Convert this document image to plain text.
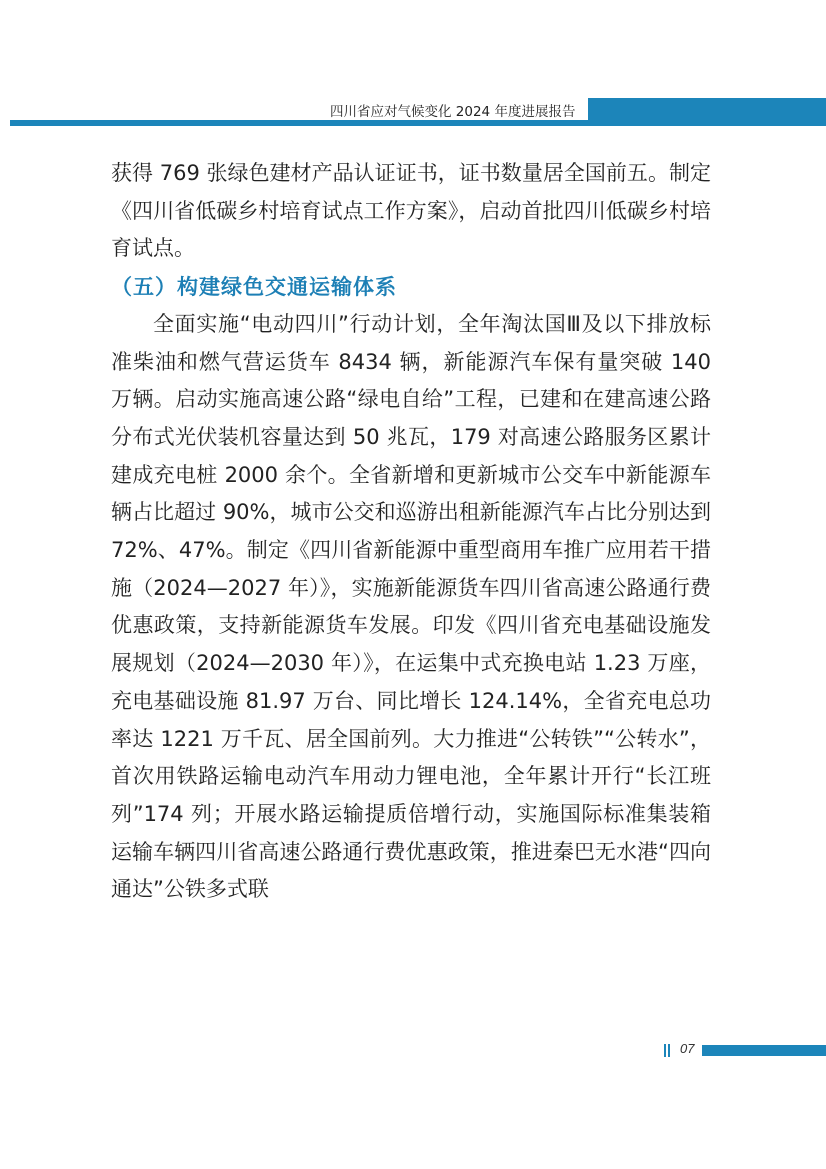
四川省应对气候变化 2024 年度进展报告

获得 769 张绿色建材产品认证证书，证书数量居全国前五。制定《四川省低碳乡村培育试点工作方案》，启动首批四川低碳乡村培育试点。

（五）构建绿色交通运输体系

全面实施“电动四川”行动计划，全年淘汰国Ⅲ及以下排放标准柴油和燃气营运货车 8434 辆，新能源汽车保有量突破 140 万辆。启动实施高速公路“绿电自给”工程，已建和在建高速公路分布式光伏装机容量达到 50 兆瓦，179 对高速公路服务区累计建成充电桩 2000 余个。全省新增和更新城市公交车中新能源车辆占比超过 90%，城市公交和巡游出租新能源汽车占比分别达到 72%、47%。制定《四川省新能源中重型商用车推广应用若干措施（2024—2027 年）》，实施新能源货车四川省高速公路通行费优惠政策，支持新能源货车发展。印发《四川省充电基础设施发展规划（2024—2030 年）》，在运集中式充换电站 1.23 万座，充电基础设施 81.97 万台、同比增长 124.14%，全省充电总功率达 1221 万千瓦、居全国前列。大力推进“公转铁”“公转水”，首次用铁路运输电动汽车用动力锂电池，全年累计开行“长江班列”174 列；开展水路运输提质倍增行动，实施国际标准集装箱运输车辆四川省高速公路通行费优惠政策，推进秦巴无水港“四向通达”公铁多式联

07
